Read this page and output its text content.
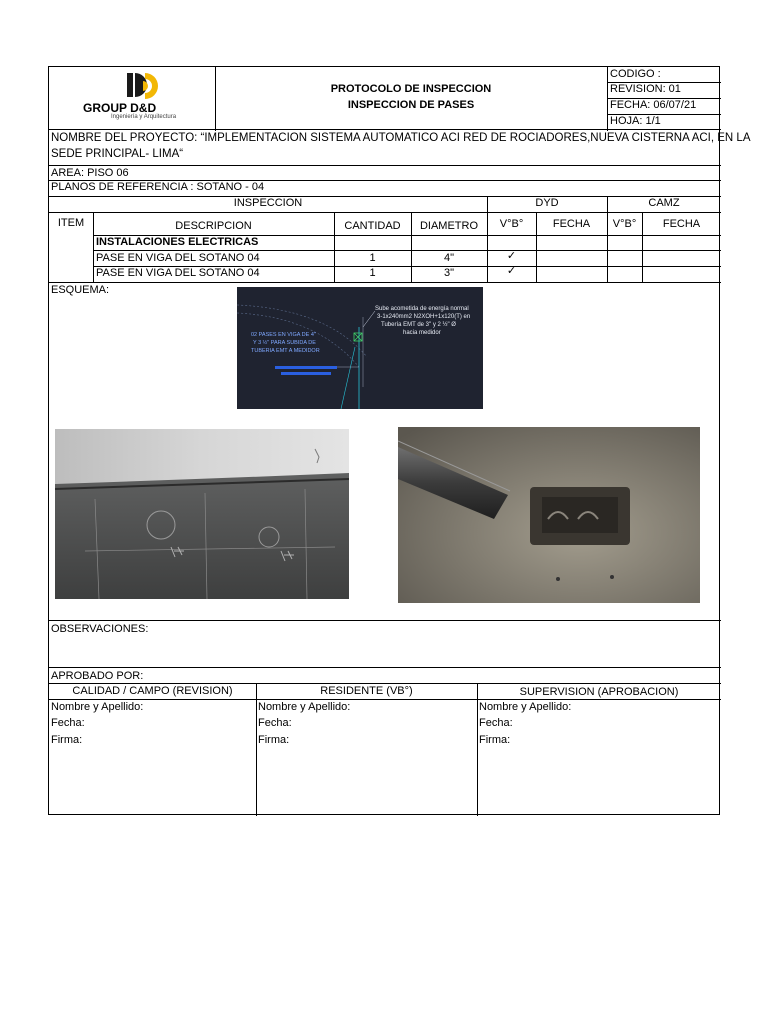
GROUP D&D
Ingeniería y Arquitectura
PROTOCOLO DE INSPECCION
INSPECCION DE PASES
CODIGO :
REVISION: 01
FECHA: 06/07/21
HOJA: 1/1
NOMBRE DEL PROYECTO: “IMPLEMENTACION SISTEMA AUTOMATICO ACI RED DE ROCIADORES,NUEVA CISTERNA ACI, EN LA
SEDE PRINCIPAL- LIMA“
AREA: PISO 06
PLANOS DE REFERENCIA : SOTANO - 04
INSPECCION	DYD	CAMZ
ITEM	DESCRIPCION	CANTIDAD	DIAMETRO	V°B°	FECHA	V°B°	FECHA
INSTALACIONES ELECTRICAS
PASE EN VIGA DEL SOTANO 04	1	4"	✓
PASE EN VIGA DEL SOTANO 04	1	3"	✓
ESQUEMA:
Sube acometida de energía normal
3-1x240mm2 N2XOH+1x120(T) en
Tubería EMT de 3" y 2 ½" Ø
hacia medidor
02 PASES EN VIGA DE 4"
Y 3 ½" PARA SUBIDA DE
TUBERIA EMT A MEDIDOR
OBSERVACIONES:
APROBADO POR:
CALIDAD / CAMPO (REVISION)	RESIDENTE (VB°)	SUPERVISION (APROBACION)
Nombre y Apellido:
Fecha:
Firma:
Nombre y Apellido:
Fecha:
Firma:
Nombre y Apellido:
Fecha:
Firma:
